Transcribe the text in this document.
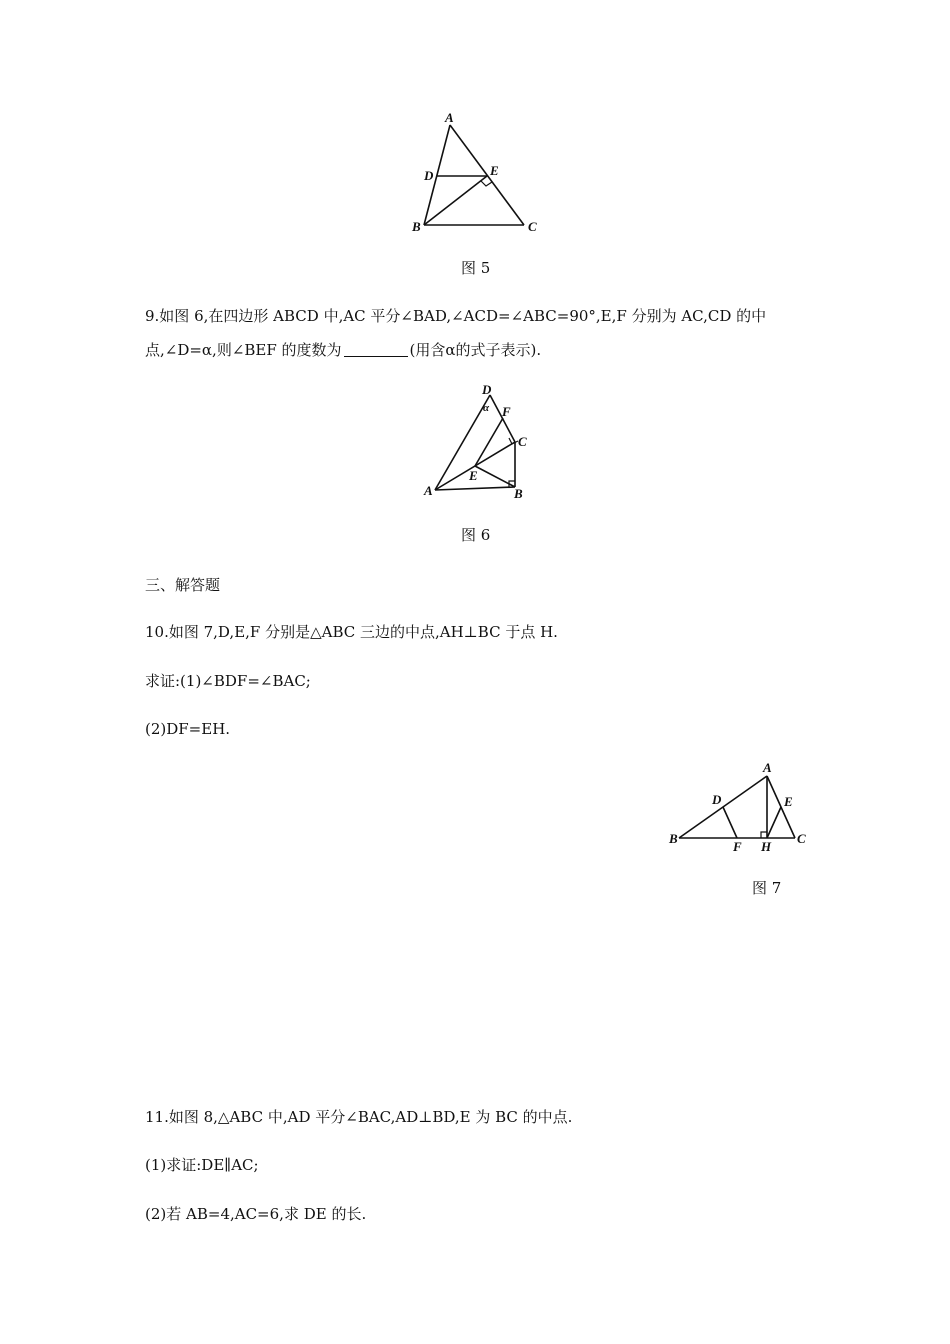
A
D	E
B	C
图 5
9.如图 6,在四边形 ABCD 中,AC 平分∠BAD,∠ACD=∠ABC=90°,E,F 分别为 AC,CD 的中
点,∠D=α,则∠BEF 的度数为	(用含α的式子表示).
D
α F
C
E
A	B
图 6
三、解答题
10.如图 7,D,E,F 分别是△ABC 三边的中点,AH⊥BC 于点 H.
求证:(1)∠BDF=∠BAC;
(2)DF=EH.
A
D	E
B
F H
C
图 7
11.如图 8,△ABC 中,AD 平分∠BAC,AD⊥BD,E 为 BC 的中点.
(1)求证:DE∥AC;
(2)若 AB=4,AC=6,求 DE 的长.
